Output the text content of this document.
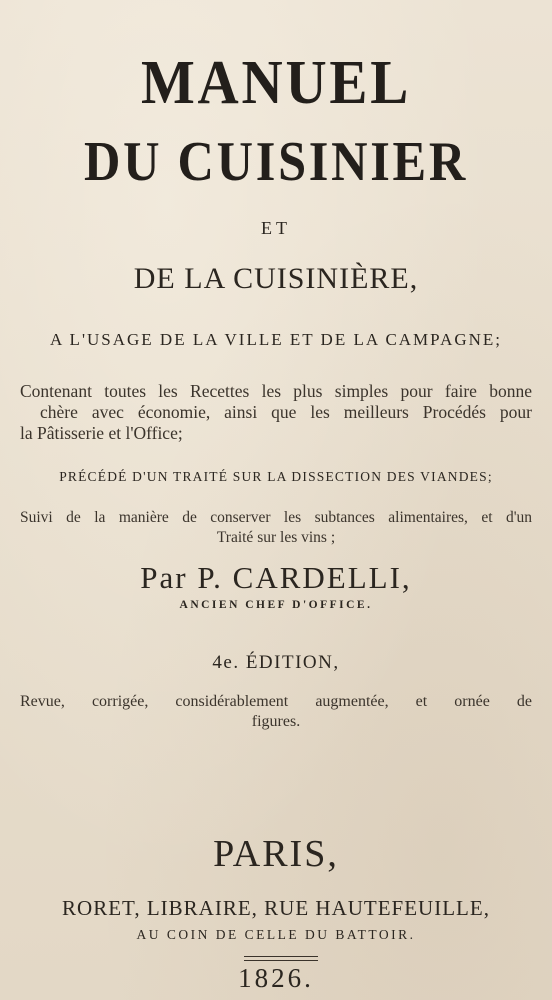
MANUEL
DU CUISINIER
ET
DE LA CUISINIÈRE,
A L'USAGE DE LA VILLE ET DE LA CAMPAGNE;
Contenant toutes les Recettes les plus simples pour faire bonne
chère avec économie, ainsi que les meilleurs Procédés pour
la Pâtisserie et l'Office;
PRÉCÉDÉ D'UN TRAITÉ SUR LA DISSECTION DES VIANDES;
Suivi de la manière de conserver les subtances alimentaires, et d'un
Traité sur les vins ;
Par P. CARDELLI,
ANCIEN CHEF D'OFFICE.
4e. ÉDITION,
Revue, corrigée, considérablement augmentée, et ornée de
figures.
PARIS,
RORET, LIBRAIRE, RUE HAUTEFEUILLE,
AU COIN DE CELLE DU BATTOIR.
1826.
